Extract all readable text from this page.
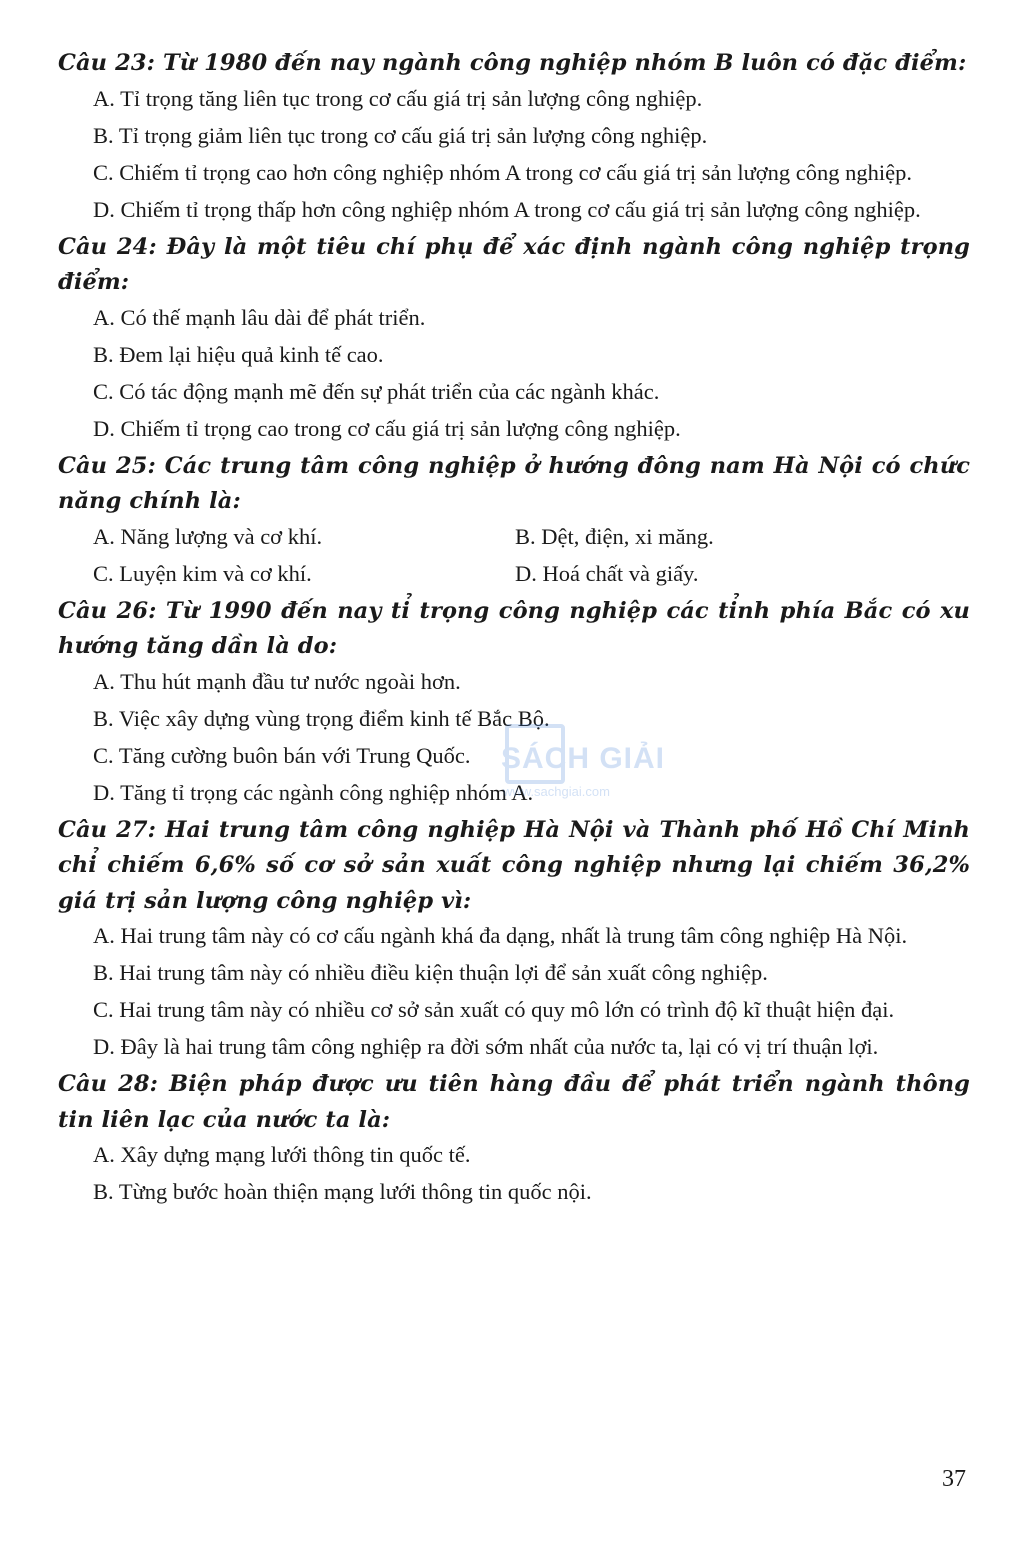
Câu 23: Từ 1980 đến nay ngành công nghiệp nhóm B luôn có đặc điểm:

A. Tỉ trọng tăng liên tục trong cơ cấu giá trị sản lượng công nghiệp.

B. Tỉ trọng giảm liên tục trong cơ cấu giá trị sản lượng công nghiệp.

C. Chiếm tỉ trọng cao hơn công nghiệp nhóm A trong cơ cấu giá trị sản lượng công nghiệp.

D. Chiếm tỉ trọng thấp hơn công nghiệp nhóm A trong cơ cấu giá trị sản lượng công nghiệp.

Câu 24: Đây là một tiêu chí phụ để xác định ngành công nghiệp trọng điểm:

A. Có thế mạnh lâu dài để phát triển.

B. Đem lại hiệu quả kinh tế cao.

C. Có tác động mạnh mẽ đến sự phát triển của các ngành khác.

D. Chiếm tỉ trọng cao trong cơ cấu giá trị sản lượng công nghiệp.

Câu 25: Các trung tâm công nghiệp ở hướng đông nam Hà Nội có chức năng chính là:

A. Năng lượng và cơ khí.	B. Dệt, điện, xi măng.

C. Luyện kim và cơ khí.	D. Hoá chất và giấy.

Câu 26: Từ 1990 đến nay tỉ trọng công nghiệp các tỉnh phía Bắc có xu hướng tăng dần là do:

A. Thu hút mạnh đầu tư nước ngoài hơn.

B. Việc xây dựng vùng trọng điểm kinh tế Bắc Bộ.

C. Tăng cường buôn bán với Trung Quốc.

D. Tăng tỉ trọng các ngành công nghiệp nhóm A.

Câu 27: Hai trung tâm công nghiệp Hà Nội và Thành phố Hồ Chí Minh chỉ chiếm 6,6% số cơ sở sản xuất công nghiệp nhưng lại chiếm 36,2% giá trị sản lượng công nghiệp vì:

A. Hai trung tâm này có cơ cấu ngành khá đa dạng, nhất là trung tâm công nghiệp Hà Nội.

B. Hai trung tâm này có nhiều điều kiện thuận lợi để sản xuất công nghiệp.

C. Hai trung tâm này có nhiều cơ sở sản xuất có quy mô lớn có trình độ kĩ thuật hiện đại.

D. Đây là hai trung tâm công nghiệp ra đời sớm nhất của nước ta, lại có vị trí thuận lợi.

Câu 28: Biện pháp được ưu tiên hàng đầu để phát triển ngành thông tin liên lạc của nước ta là:

A. Xây dựng mạng lưới thông tin quốc tế.

B. Từng bước hoàn thiện mạng lưới thông tin quốc nội.

SÁCH GIẢI
www.sachgiai.com
37
